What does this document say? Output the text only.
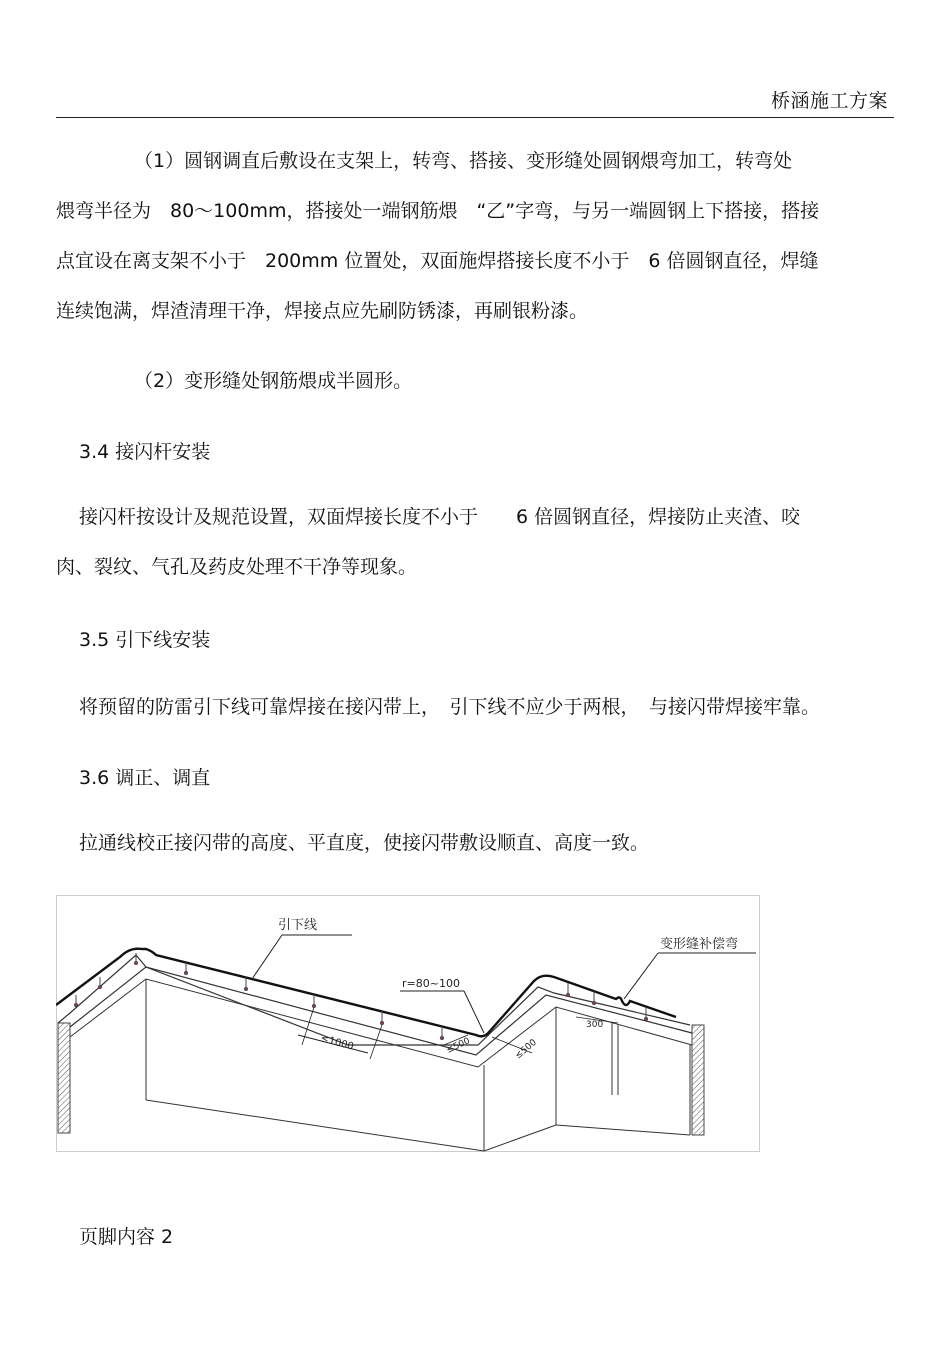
桥涵施工方案
（1）圆钢调直后敷设在支架上，转弯、搭接、变形缝处圆钢煨弯加工，转弯处
煨弯半径为　80～100mm，搭接处一端钢筋煨　“乙”字弯，与另一端圆钢上下搭接，搭接
点宜设在离支架不小于　200mm 位置处，双面施焊搭接长度不小于　6 倍圆钢直径，焊缝
连续饱满，焊渣清理干净，焊接点应先刷防锈漆，再刷银粉漆。
（2）变形缝处钢筋煨成半圆形。
3.4 接闪杆安装
接闪杆按设计及规范设置，双面焊接长度不小于　　6 倍圆钢直径，焊接防止夹渣、咬
肉、裂纹、气孔及药皮处理不干净等现象。
3.5 引下线安装
将预留的防雷引下线可靠焊接在接闪带上，　引下线不应少于两根，　与接闪带焊接牢靠。
3.6 调正、调直
拉通线校正接闪带的高度、平直度，使接闪带敷设顺直、高度一致。
引下线
变形缝补偿弯
r=80~100
≤1000	≤500	≤500
300
页脚内容 2
